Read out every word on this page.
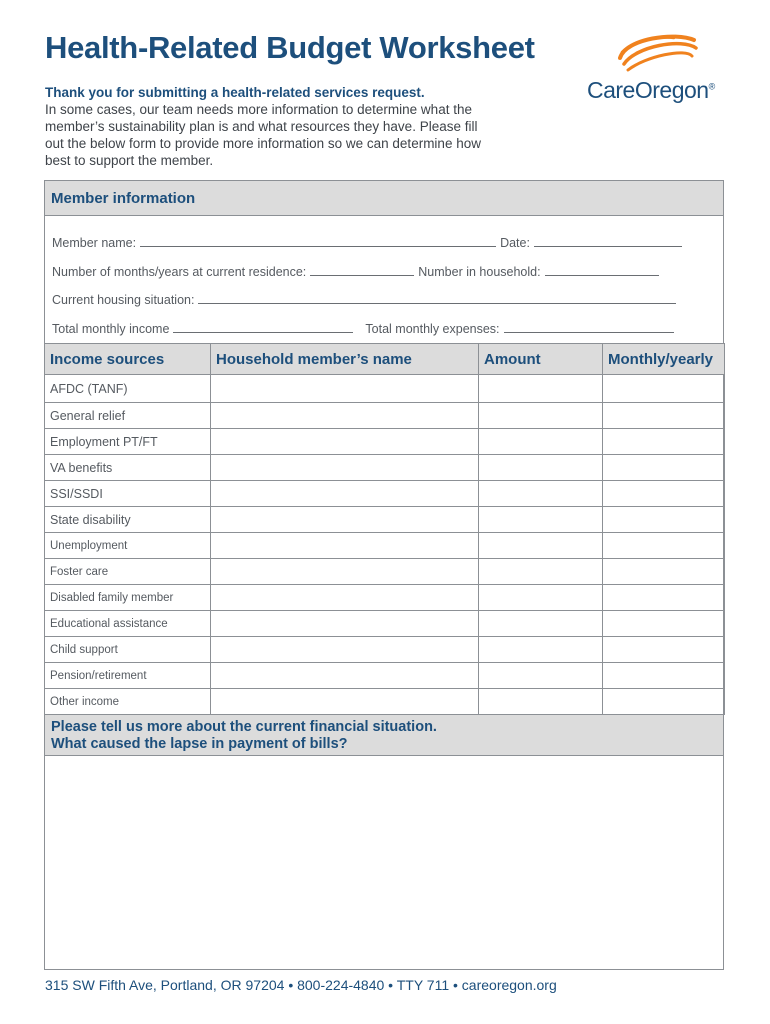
Health-Related Budget Worksheet
CareOregon®
Thank you for submitting a health-related services request.
In some cases, our team needs more information to determine what the member’s sustainability plan is and what resources they have. Please fill out the below form to provide more information so we can determine how best to support the member.
Member information
Member name:	Date:
Number of months/years at current residence:	Number in household:
Current housing situation:
Total monthly income	Total monthly expenses:
Income sources	Household member’s name	Amount	Monthly/yearly
AFDC (TANF)			
General relief			
Employment PT/FT			
VA benefits			
SSI/SSDI			
State disability			
Unemployment			
Foster care			
Disabled family member			
Educational assistance			
Child support			
Pension/retirement			
Other income			
Please tell us more about the current financial situation.
What caused the lapse in payment of bills?
315 SW Fifth Ave, Portland, OR 97204 • 800-224-4840 • TTY 711 • careoregon.org
